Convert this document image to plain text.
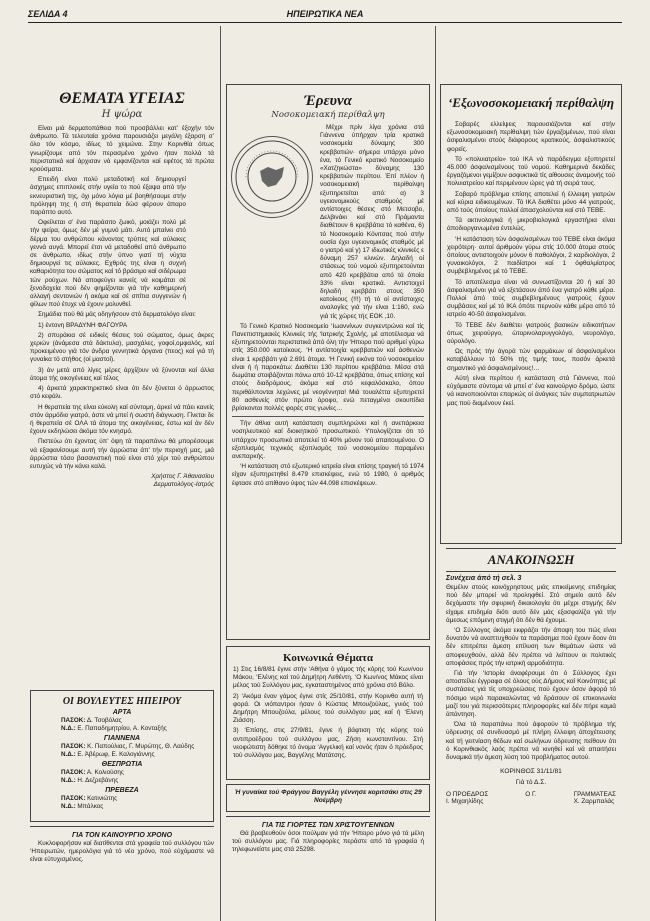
ΣΕΛΙΔΑ 4	ΗΠΕΙΡΩΤΙΚΑ ΝΕΑ
ΘΕΜΑΤΑ ΥΓΕΙΑΣ
Η ψώρα

Είναι μιά δερματοπάθεια πού προσβάλλει κατ’ έξοχήν τόν άνθρωπο. Τά τελευταία χρόνια παρουσιάζει μεγάλη έξαρση σ’ όλο τόν κόσμο, ιδίως τό χειμώνα. Στην Κορινθία όπως γνωρίζουμε από τόν περασμένο χρόνο ήταν πολλά τά περιστατικά καί άρχισαν νά εμφανίζονται καί εφέτος τά πρώτα κρούσματα.

Επειδή είναι πολύ μεταδοτική καί δημιουργεί άσχημες επιπλοκές στήν υγεία το πού έξαψα από τήν εκνευριστική της, όχι μόνο λόγια μέ βοηθήσουμε στήν πρόληψη της ή στή θεραπεία δώσ φέρουν άπαρο παράπτο αυτό.

Οφείλεται σ’ ένα παράσιτο ζωικό, μοιάζει πολύ μέ τήν ψείρα, όμως δέν μέ γυμνό μάτι. Αυτό μπαίνει στό δέρμα του ανθρώπου κάνοντας τρύπες καί αύλακες γεννά αυγά. Μπορεί έτσι νά μεταδοθεί από άνθρωπο σε άνθρωπο, ιδίως στήν ύπνο γιατί τή νύχτα δημιουργεί τις αύλακες. Εχθρός της είναι η συχνή καθαριότητα του σώματος καί τό βράσιμο καί σιδέρωμα τών ρούχων. Νά αποφεύγει κανείς νά κοιμάται σέ ξενοδοχεία πού δέν φημίζονται γιά τήν καθημερινή αλλαγή σεντονιών ή ακόμα καί σέ σπίτια συγγενών ή φίλων πού έτυχε νά έχουν μολυνθεί.

Σημάδια πού θά μάς οδηγήσουν στό δερματολόγο είναι:

1) έντονη ΒΡΑΔΥΝΗ ΦΑΓΟΥΡΑ

2) σπυράκια σέ ειδικές θέσεις τού σώματος, όμως άκρες χεριών (άνάμεσα στά δάκτυλα), μασχάλες, γοφοί,ομφαλός, καί προκειμένου γιά τόν άνδρα γεννητικά όργανα (πεος) καί γιά τή γυναίκα τό στήθος (οί μαστοί).

3) άν μετά από λίγες μέρες άρχίζουν νά ξύνονται καί άλλα άτομα τής οικογένειας καί τέλος

4) άρκετά χαρακτηριστικό είναι ότι δέν ξύνεται ό άρρωστος στό κεφάλι.

Η θεραπεία της είναι εύκολη καί σύντομη, άρκεί νά πάει κανείς στόν άρμόδιο γιατρό, άστε νά μπεί ή σωστή διάγνωση. Γίνεται δε ή θεραπεία σέ ΟΛΑ τά άτομα της οικογένειας, έστω καί άν δέν έχουν εκδηλώσει άκόμα τόν κνησμό.

Πιστεύω ότι έχοντας ύπ’ όψη τά παραπάνω θά μπορέσουμε νά εξαφανίσουμε αυτή τήν άρρώστια άπ’ τήν περιοχή μας, μιά άρρώστια τόσο βασανιστική πού είναι στό χέρι τού ανθρώπου ευτυχώς νά τήν κάνει καλά.

Χρήστος Γ. Άθανασίου
Δερματολόγος-Ιατρός
ΟΙ ΒΟΥΛΕΥΤΕΣ ΗΠΕΙΡΟΥ
ΑΡΤΑ
ΠΑΣΟΚ: Δ. Τσοβόλας
Ν.Δ.: Ε. Παπαδημητρίου, Α. Κονταξής
ΓΙΑΝΝΕΝΑ
ΠΑΣΟΚ: Κ. Παπούλιας, Γ. Μυρώτης, Θ. Λαύδης
Ν.Δ.: Ε. Άβέρωφ, Ε. Καλογιάννης
ΘΕΣΠΡΩΤΙΑ
ΠΑΣΟΚ: Α. Κολιούσης
Ν.Δ.: Η. Δεζρεβάνης
ΠΡΕΒΕΖΑ
ΠΑΣΟΚ: Κατινιώτης
Ν.Δ.: Μπάλκος
ΓΙΑ ΤΟΝ ΚΑΙΝΟΥΡΓΙΟ ΧΡΟΝΟ

Κυκλοφορήσαν καί διατίθενται στά γραφεία τού συλλόγου τών ‘Ηπειρωτών, ημερολόγια γιά τό νέο χρόνο, πού εύχόμαστε νά είναι εύτυχισμένος.

Έρευνα
Νοσοκομειακή περίθαλψη

Μέχρι πρίν λίγα χρόνια στά Γιάννενα ύπήρχαν τρία κρατικά νοσοκομεία δύναμης 300 κρεββατιών· σήμερα υπάρχει μόνο ένα, τό Γενικό κρατικό Νοσοκομείο «Χατζηκώστα» δύναμης 130 κρεββατιών περίπου. Έπί πλέον ή νοσοκομειακή περίθαλψη εξυπηρετείται από: α) 3 υγειονομικούς σταθμούς μέ αντίστοιχες θέσεις στό Μετσοβο, Δελβινάκι καί στό Πράμαντα διαθέτουν 6 κρεββάτια τό καθένα, 6) τό Νοσοκομείο Κόνιτσας πού στήν ουσία έχει υγειονομικός σταθμός μέ ο γιατρό καί γ) 17 ιδιωτικές κλινικές ε δύναμη 257 κλινών. Δηλαδή οί στάσεως τού νομού εξυπηρετούνται από 420 κρεββάτια από τά όποία 33% είναι κρατικά. Αντιστοιχεί δηλαδή κρεββάτι στους 350 κατοίκους (!!!) τή τό οί αντίστοιχες αναλογίες γιά τήν είναι 1:160, ενώ γιά τίς χώρες τής ΕΟΚ ,10.

Τό Γενικό Κρατικό Νοσοκομείο ‘Ιωαννίνων συγκεντρώνει καί τίς Πανεπιστημιακές Κλινικές τής ‘Ιατρικής Σχολής, μέ αποτέλεσμα νά εξυπηρετούνται περιστατικά άπό όλη τήν ‘Ηπειρο πού αριθμεί γύρω στίς 350.000 κατοίκους. ‘Η αντίστοιχία κρεββατιών καί άσθενών είναι 1 κρεββάτι γιά 2.691 άτομα. ‘Η Γενική εικόνα τού νοσοκομείου είναι ή ή παρακάτω: Διαθέτει 130 περίπου κρεββάτια. Μέσα στά δωμάτια στοιβάζονται πάνω από 10-12 κρεββάτια, όπως επίσης καί στούς διαδρόμους, άκόμα καί στό κεφαλόσκαλο, όπου περιθάλπονται λεχώνες μέ νεογέννητα! Μιά τουαλέττα εξυπηρετεί 80 ασθενείς στόν πρώτο όροφο, ενώ πεταγμένα σκουπίδια βρίσκονται πολλές φορές στις γωνίες…

Τήν άθλια αυτή κατάσταση συμπληρώνει καί ή ανεπάρκεια νοσηλευτικού καί διοικητικού προσωπικού. Υπολογίζεται ότι τό υπάρχον προσωπικό αποτελεί τό 40% μόνον τού απαιτουμένου. Ο εξοπλισμός τεχνικός εξοπλισμός τού νοσοκομείου παραμένει ανεπαρκής.

‘Η κατάσταση στό εξωτερικό ιατρεία είναι επίσης τραγική τό 1974 είχαν εξυπηρετηθεί 8.479 επισκέψεις, ενώ τό 1980, ό αριθμός έφτασε στό απίθανο ύψος τών 44.098 επισκέψεων.

Κοινωνικά Θέματα

1) Στις 16/8/81 έγινε στήν ‘Αθήνα ό γάμος τής κόρης τού Κων/νου Μάκου, ‘Ελένης καί τού Δημήτρη Λεθέντη. ‘Ο Κων/νος Μάκος είναι μέλος τού Συλλόγου μας, εγκαταστημένος από χρόνια στό Βόλο.

2) ‘Ακόμα έναν γάμος έγινε στίς 25/10/81, στήν Κορινθο αυτή τή φορά. Οι νιόπαντροι ήσαν ό Κώστας Μπουζούλας, γυιός τού Δημήτρη Μπουζούλα, μέλους τού συλλόγου μας καί ή ‘Ελενη Ζιάσση.

3) ‘Επίσης, στις 27/9/81, έγινε ή βάφτιση τής κόρης τού αντιπροέδρου τού συλλόγου μας, Ζήση κωνσταντίνου. Στή νεοφώτιστη δόθηκε τό όνομα ‘Αγγελική καί νονός ήταν ό πρόεδρος τού συλλόγου μας, Βαγγέλης Ματάτσης.

Ή γυναίκα τού Φράγγου Βαγγέλη γέννησε κοριτσάκι στις 29 Νοέμβρη
ΓΙΑ ΤΙΣ ΓΙΟΡΤΕΣ ΤΩΝ ΧΡΙΣΤΟΥΓΕΝΝΩΝ

Θά βραβευθούν όσοι πούλμαν γιά τήν ‘Ηπειρο μόνο γιά τά μέλη τού συλλόγου μας. Γιά πληροφορίες περάστε από τά γραφεία ή τηλεφωνείστε μας στά 25298.

‘Εξωνοσοκομειακή περίθαλψη

Σοβαρές ελλείψεις παρουσιάζονται καί στήν εξωνοσοκομειακή περίθαλψη τών έργαζομένων, πού είναι άσφαλισμένοι στούς διάφορους κρατικούς, άσφαλιστικούς φορείς.

Τό «πολυιατρείο» τού ΙΚΑ νά παράδειγμα εξυπηρετεί 45.000 άσφαλισμένους τού νομού. Καθημερινά δεκάδες έργαζόμενοι γεμίζουν ασφυκτικά τίς αίθουσες άναμονής τού πολυιατρείου καί περιμένουν ώρες γιά τή σειρά τους.

Σοβαρό πρόβλημα επίσης αποτελεί ή έλλειψη γιατρών καί κύρια ειδικευμένων. Τό ΙΚΑ διαθέτει μόνο 44 γιατρούς, από τούς όποίους πολλοί άπασχολούνται καί στό ΤΕΒΕ.

Τά ακτινολογικά ή μικροβιολογικά εργαστήρια είναι άποδιοργανωμένα έντελώς.

‘Η κατάσταση τών άσφαλισμένων τού ΤΕΒΕ είναι άκόμα χειρότερη· αυτοί άριθμούν γύρω στίς 10.000 άτομα στούς όποίους αντιστοιχούν μόνον 6 παθολόγοι, 2 καρδιολόγοι, 2 γυναικολόγοι, 2 παιδίατροι καί 1 όφθαλμίατρος συμβεβλημένος μέ τό ΤΕΒΕ.

Τό αποτέλεσμα είναι νά συνωστίζονται 20 ή καί 30 άσφαλισμένοι γιά νά εξετάσουν άπό ένα γιατρό κάθε μέρα. Πολλοί άπό τούς συμβεβλημένους γιατρούς έχουν συμβάσεις καί μέ τό ΙΚΑ όπότε περνούν κάθε μέρα από τό ιατρείο 40-50 άσφαλισμένοι.

Τό ΤΕΒΕ δέν διαθέτει γιατρούς βασικών ειδικοτήτων όπως χειρούργο, ώτορινολαρυγγολόγο, νευρολόγο, ούρολόγο.

Ως πρός τήν άγορά τών φαρμάκων οί άσφαλισμένοι καταβάλλουν τό 50% τής τιμής τους, ποσόν άρκετά σημαντικό γιά άσφαλισμένους!…

Αύτή είναι περίπου ή κατάσταση στά Γιάννενα, πού εύχόμαστε σύντομα νά μπεί σ’ ένα καινούργιο δρόμο, ώστε νά ικανοποιούνται επαρκώς οί άνάγκες τών συμπατριωτών μας πού διαμένουν έκεί.

ΑΝΑΚΟΙΝΩΣΗ
Συνέχεια άπό τή σελ. 3

Θεμέλιν στούς κοινόχρηστους μιάς επικείμενης επιδημίας πού δέν μπορεί νά προληφθεί. Στό σημείο αυτό δέν δεχόμαστε τήν σφυρική δικαιολογία ότι μέχρι στιγμής δέν είχαμε επιδημία διότι αυτό δέν μάς εξασφαλίζει γιά τήν άμεσως επόμενη στιγμή ότι δέν θά έχουμε.

‘Ο Σύλλογος άκόμα εκφράζει τήν άποψη του πώς είναι δυνατόν νά αναπτυχθούν τα παράσημα πού έχουν δοον ότι δέν επιτρέπει άμεση επίλυση των θεμάτων ώστε νά αποφευχθούν, αλλά δέν πρέπει νά λείπουν οι πολιτικές αποφάσεις πρός τήν ιατρική αρμοδιότητα.

Γιά τήν ‘Ιστορία άναφέρουμε ότι ό Σύλλογος έχει αποστείλει έγγραφα σέ όλους ούς Δήμους καί Κοινότητες μέ συστάσεις γιά τίς υποχρεώσεις πού έχουν όσον άφορά τό πόσιμο νερό παρακαλώντας νά δράσουν σέ επικοινωνία μαζί του γιά περισσότερες πληροφορίες καί δέν πήρε καμιά άπάντηση.

Όλα τά παραπάνω πού άφορούν τό πρόβλημα τής ύδρευσης σέ συνδυασμό μέ πλήρη έλλειψη άποχέτευσης καί τή γειτνίαση θέδων καί σωλήνων ύδρευσης πείθουν ότι ό Κορινθιακός λαός πρέπει νά κινηθεί καί νά απαιτήσει δυναμικά τήν άμεση λύση τού προβλήματος αυτού.

ΚΟΡΙΝΘΟΣ 31/11/81
Γιά τό Δ.Σ.
Ο ΠΡΟΕΔΡΟΣ
Ι. Μιχαηλίδης
Ο Γ.	ΓΡΑΜΜΑΤΕΑΣ
Χ. Ζαρμπαλάς
